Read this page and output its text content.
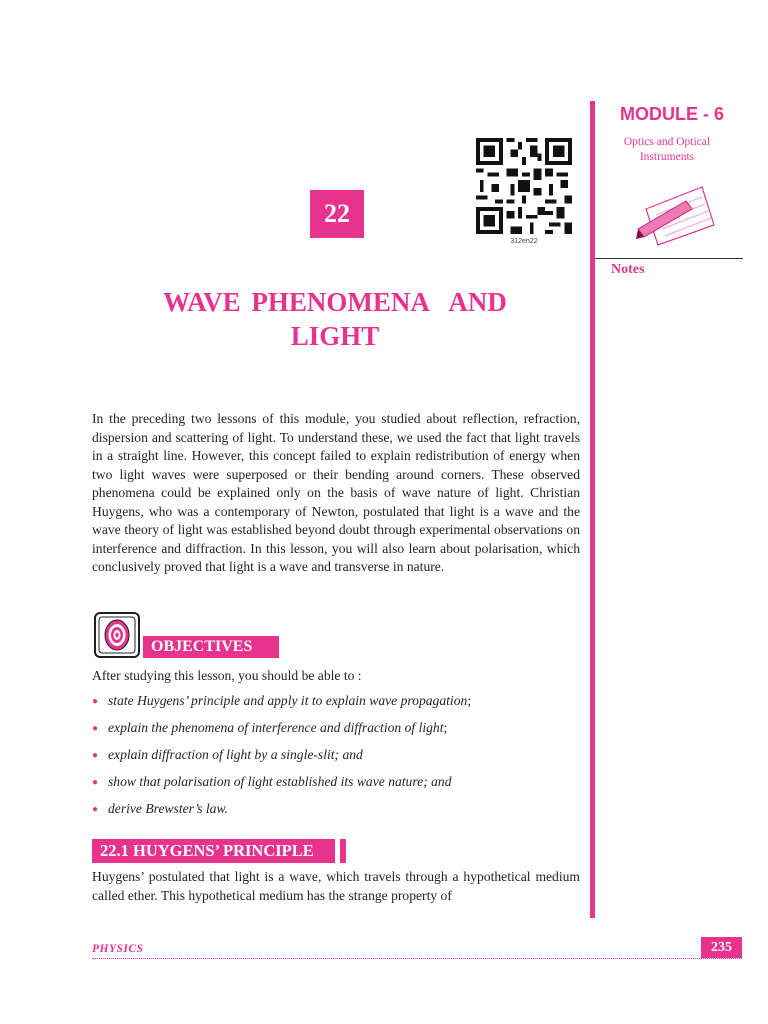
MODULE - 6
Optics and Optical
Instruments
Notes
312en22
22
WAVE PHENOMENA  AND
LIGHT

In the preceding two lessons of this module, you studied about reflection, refraction, dispersion and scattering of light. To understand these, we used the fact that light travels in a straight line. However, this concept failed to explain redistribution of energy when two light waves were superposed or their bending around corners. These observed phenomena could be explained only on the basis of wave nature of light. Christian Huygens, who was a contemporary of Newton, postulated that light is a wave and the wave theory of light was established beyond doubt through experimental observations on interference and diffraction. In this lesson, you will also learn about polarisation, which conclusively proved that light is a wave and transverse in nature.

OBJECTIVES

After studying this lesson, you should be able to :

● state Huygens’ principle and apply it to explain wave propagation;
● explain the phenomena of interference and diffraction of light;
● explain diffraction of light by a single-slit; and
● show that polarisation of light established its wave nature; and
● derive Brewster’s law.
22.1 HUYGENS’ PRINCIPLE

Huygens’ postulated that light is a wave, which travels through a hypothetical medium called ether. This hypothetical medium has the strange property of

PHYSICS	235
